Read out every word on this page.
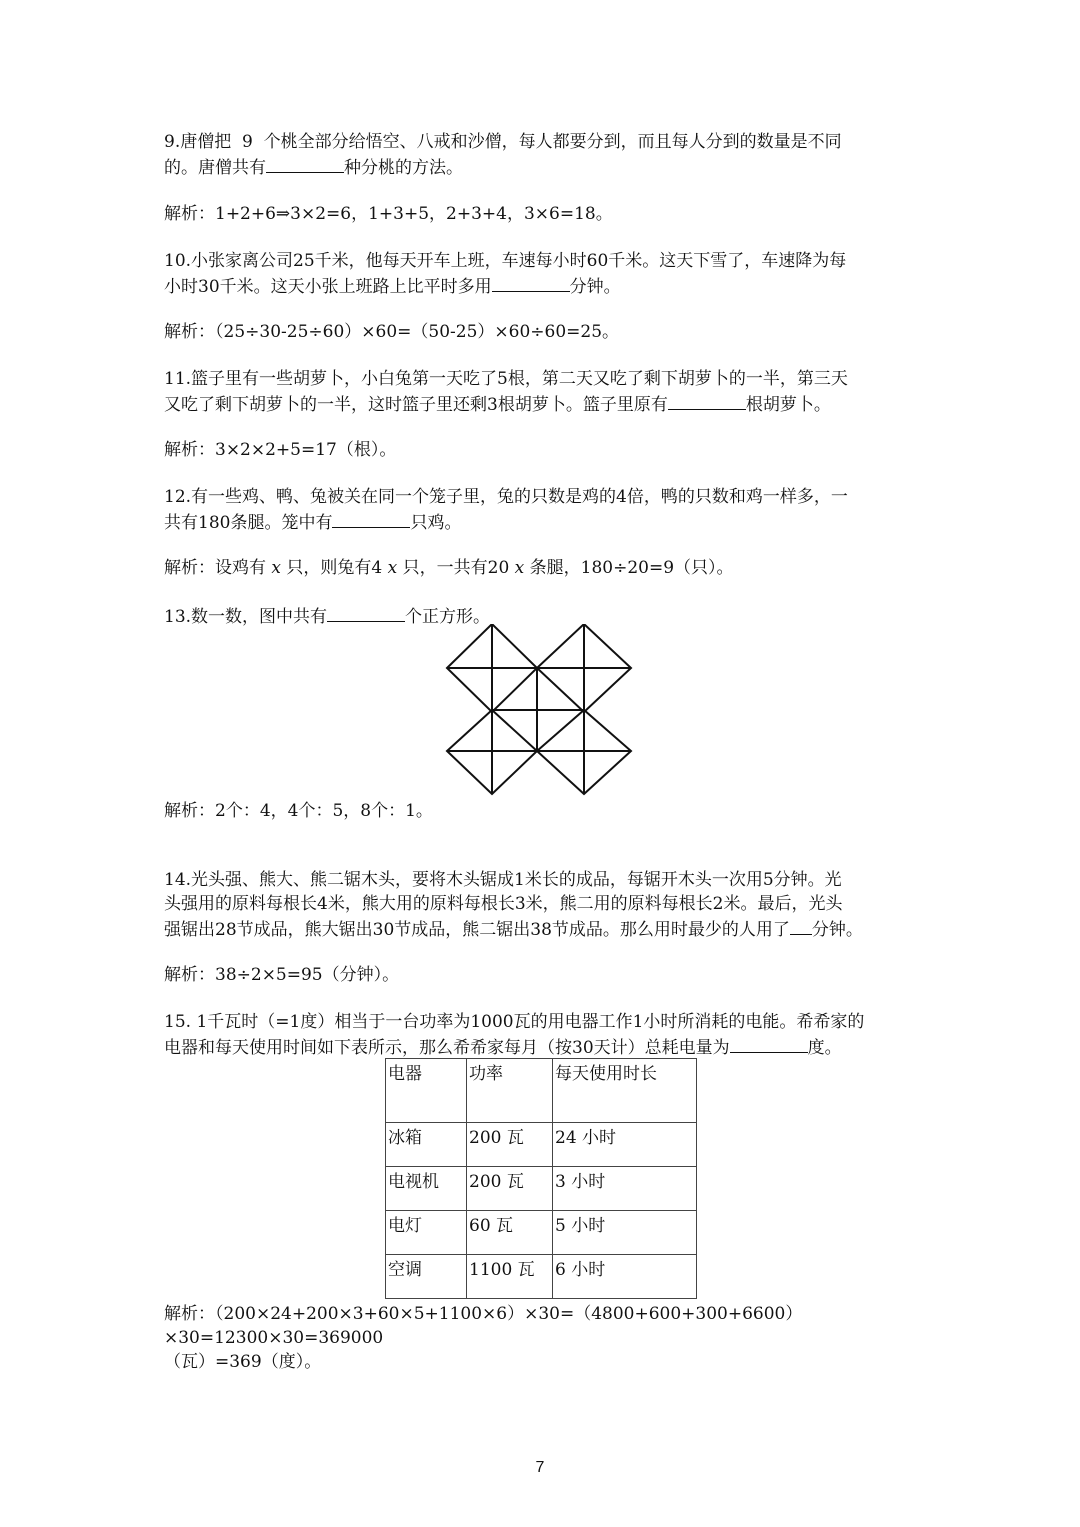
9.唐僧把  9  个桃全部分给悟空、八戒和沙僧，每人都要分到，而且每人分到的数量是不同
的。唐僧共有	种分桃的方法。

解析：1+2+6⇒3×2=6，1+3+5，2+3+4，3×6=18。

10.小张家离公司25千米，他每天开车上班，车速每小时60千米。这天下雪了，车速降为每
小时30千米。这天小张上班路上比平时多用	分钟。

解析：（25÷30-25÷60）×60=（50-25）×60÷60=25。

11.篮子里有一些胡萝卜，小白兔第一天吃了5根，第二天又吃了剩下胡萝卜的一半，第三天
又吃了剩下胡萝卜的一半，这时篮子里还剩3根胡萝卜。篮子里原有	根胡萝卜。

解析：3×2×2+5=17（根）。

12.有一些鸡、鸭、兔被关在同一个笼子里，兔的只数是鸡的4倍，鸭的只数和鸡一样多，一
共有180条腿。笼中有	只鸡。

解析：设鸡有 x 只，则兔有4 x 只，一共有20 x 条腿，180÷20=9（只）。

13.数一数，图中共有	个正方形。

解析：2个：4，4个：5，8个：1。

14.光头强、熊大、熊二锯木头，要将木头锯成1米长的成品，每锯开木头一次用5分钟。光
头强用的原料每根长4米，熊大用的原料每根长3米，熊二用的原料每根长2米。最后，光头
强锯出28节成品，熊大锯出30节成品，熊二锯出38节成品。那么用时最少的人用了 分钟。

解析：38÷2×5=95（分钟）。

15. 1千瓦时（=1度）相当于一台功率为1000瓦的用电器工作1小时所消耗的电能。希希家的
电器和每天使用时间如下表所示，那么希希家每月（按30天计）总耗电量为	度。

电器	功率	每天使用时长
冰箱	200 瓦	24 小时
电视机	200 瓦	3 小时
电灯	60 瓦	5 小时
空调	1100 瓦	6 小时

解析：（200×24+200×3+60×5+1100×6）×30=（4800+600+300+6600）×30=12300×30=369000
（瓦）=369（度）。

7
